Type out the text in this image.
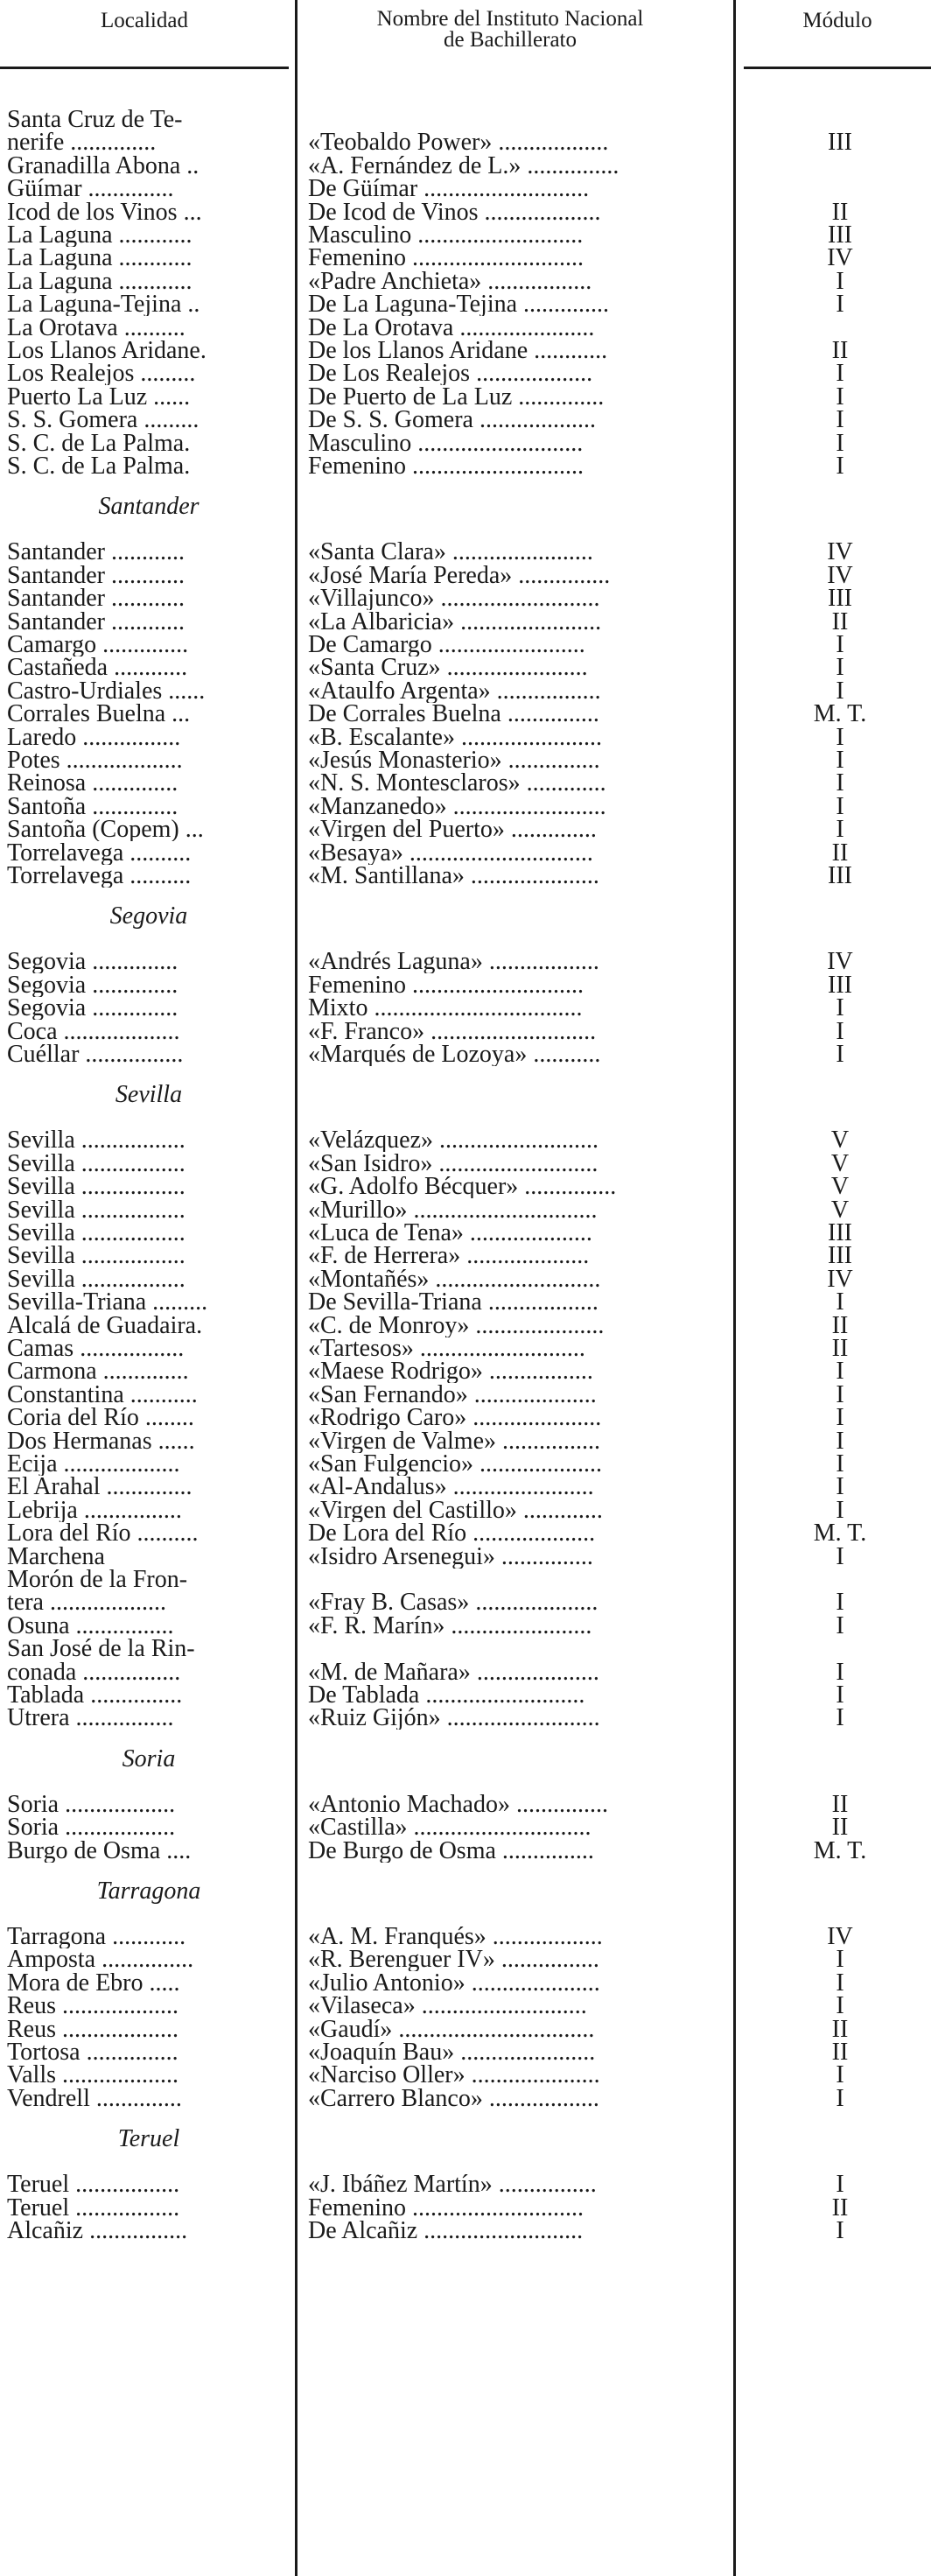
Localidad	Nombre del Instituto Nacional
de Bachillerato
Módulo
Santa Cruz de Te-
nerife ..............	«Teobaldo Power» ..................	III
Granadilla Abona ..	«A. Fernández de L.» ...............
Güímar ..............	De Güímar ...........................
Icod de los Vinos ...	De Icod de Vinos ...................	II
La Laguna ............	Masculino ...........................	III
La Laguna ............	Femenino ............................	IV
La Laguna ............	«Padre Anchieta» .................	I
La Laguna-Tejina ..	De La Laguna-Tejina ..............	I
La Orotava ..........	De La Orotava ......................
Los Llanos Aridane.	De los Llanos Aridane ............	II
Los Realejos .........	De Los Realejos ...................	I
Puerto La Luz ......	De Puerto de La Luz ..............	I
S. S. Gomera .........	De S. S. Gomera ...................	I
S. C. de La Palma.	Masculino ...........................	I
S. C. de La Palma.	Femenino ............................	I
Santander
Santander ............	«Santa Clara» .......................	IV
Santander ............	«José María Pereda» ...............	IV
Santander ............	«Villajunco» ..........................	III
Santander ............	«La Albaricia» .......................	II
Camargo ..............	De Camargo ........................	I
Castañeda ............	«Santa Cruz» .......................	I
Castro-Urdiales ......	«Ataulfo Argenta» .................	I
Corrales Buelna ...	De Corrales Buelna ...............	M. T.
Laredo ................	«B. Escalante» .......................	I
Potes ...................	«Jesús Monasterio» ...............	I
Reinosa ..............	«N. S. Montesclaros» .............	I
Santoña ..............	«Manzanedo» .........................	I
Santoña (Copem) ...	«Virgen del Puerto» ..............	I
Torrelavega ..........	«Besaya» ..............................	II
Torrelavega ..........	«M. Santillana» .....................	III
Segovia
Segovia ..............	«Andrés Laguna» ..................	IV
Segovia ..............	Femenino ............................	III
Segovia ..............	Mixto ..................................	I
Coca ...................	«F. Franco» ...........................	I
Cuéllar ................	«Marqués de Lozoya» ...........	I
Sevilla
Sevilla .................	«Velázquez» ..........................	V
Sevilla .................	«San Isidro» ..........................	V
Sevilla .................	«G. Adolfo Bécquer» ...............	V
Sevilla .................	«Murillo» ..............................	V
Sevilla .................	«Luca de Tena» ....................	III
Sevilla .................	«F. de Herrera» ....................	III
Sevilla .................	«Montañés» ...........................	IV
Sevilla-Triana .........	De Sevilla-Triana ..................	I
Alcalá de Guadaira.	«C. de Monroy» .....................	II
Camas .................	«Tartesos» ...........................	II
Carmona ..............	«Maese Rodrigo» .................	I
Constantina ...........	«San Fernando» ....................	I
Coria del Río ........	«Rodrigo Caro» .....................	I
Dos Hermanas ......	«Virgen de Valme» ................	I
Ecija ...................	«San Fulgencio» ....................	I
El Arahal ..............	«Al-Andalus» .......................	I
Lebrija ................	«Virgen del Castillo» .............	I
Lora del Río ..........	De Lora del Río ....................	M. T.
Marchena	«Isidro Arsenegui» ...............	I
Morón de la Fron-
tera ...................	«Fray B. Casas» ....................	I
Osuna ................	«F. R. Marín» .......................	I
San José de la Rin-
conada ................	«M. de Mañara» ....................	I
Tablada ...............	De Tablada ..........................	I
Utrera ................	«Ruiz Gijón» .........................	I
Soria
Soria ..................	«Antonio Machado» ...............	II
Soria ..................	«Castilla» .............................	II
Burgo de Osma ....	De Burgo de Osma ...............	M. T.
Tarragona
Tarragona ............	«A. M. Franqués» ..................	IV
Amposta ...............	«R. Berenguer IV» ................	I
Mora de Ebro .....	«Julio Antonio» .....................	I
Reus ...................	«Vilaseca» ...........................	I
Reus ...................	«Gaudí» ................................	II
Tortosa ...............	«Joaquín Bau» ......................	II
Valls ...................	«Narciso Oller» .....................	I
Vendrell ..............	«Carrero Blanco» ..................	I
Teruel
Teruel .................	«J. Ibáñez Martín» ................	I
Teruel .................	Femenino ............................	II
Alcañiz ................	De Alcañiz ..........................	I
